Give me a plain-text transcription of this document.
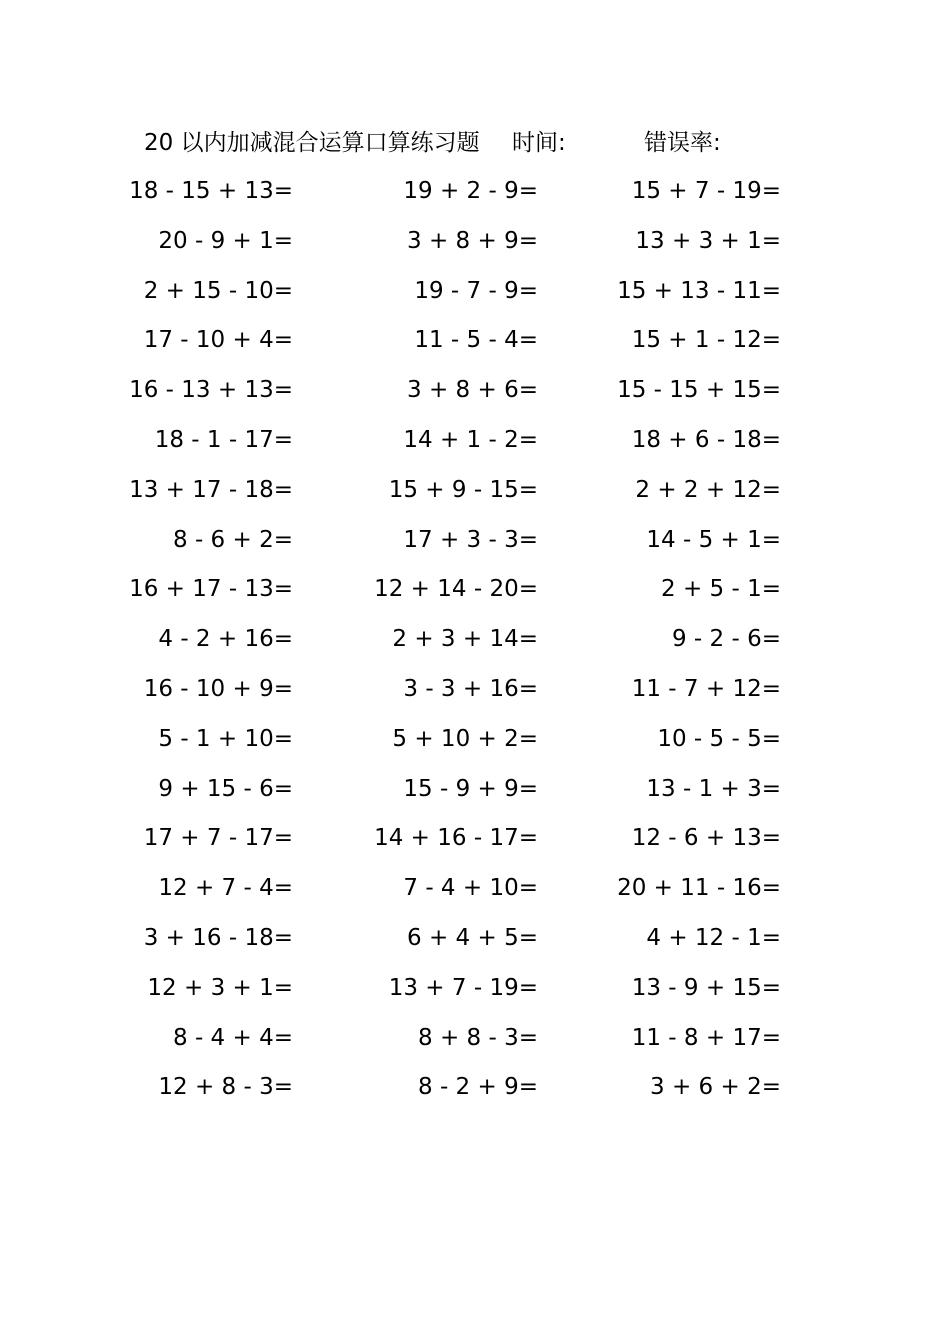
20 以内加减混合运算口算练习题 时间:	错误率:
18 - 15 + 13=	19 + 2 - 9=	15 + 7 - 19=
20 - 9 + 1=	3 + 8 + 9=	13 + 3 + 1=
2 + 15 - 10=	19 - 7 - 9=	15 + 13 - 11=
17 - 10 + 4=	11 - 5 - 4=	15 + 1 - 12=
16 - 13 + 13=	3 + 8 + 6=	15 - 15 + 15=
18 - 1 - 17=	14 + 1 - 2=	18 + 6 - 18=
13 + 17 - 18=	15 + 9 - 15=	2 + 2 + 12=
8 - 6 + 2=	17 + 3 - 3=	14 - 5 + 1=
16 + 17 - 13=	12 + 14 - 20=	2 + 5 - 1=
4 - 2 + 16=	2 + 3 + 14=	9 - 2 - 6=
16 - 10 + 9=	3 - 3 + 16=	11 - 7 + 12=
5 - 1 + 10=	5 + 10 + 2=	10 - 5 - 5=
9 + 15 - 6=	15 - 9 + 9=	13 - 1 + 3=
17 + 7 - 17=	14 + 16 - 17=	12 - 6 + 13=
12 + 7 - 4=	7 - 4 + 10=	20 + 11 - 16=
3 + 16 - 18=	6 + 4 + 5=	4 + 12 - 1=
12 + 3 + 1=	13 + 7 - 19=	13 - 9 + 15=
8 - 4 + 4=	8 + 8 - 3=	11 - 8 + 17=
12 + 8 - 3=	8 - 2 + 9=	3 + 6 + 2=
